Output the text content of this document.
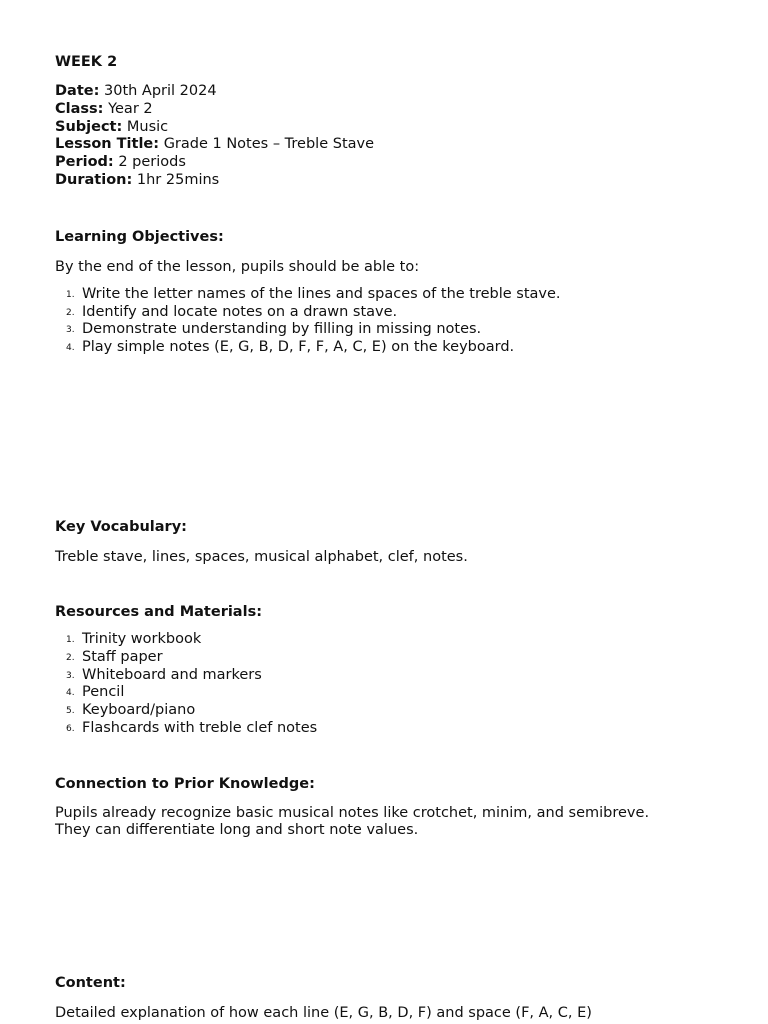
WEEK 2
Date: 30th April 2024
Class: Year 2
Subject: Music
Lesson Title: Grade 1 Notes – Treble Stave
Period: 2 periods
Duration: 1hr 25mins
Learning Objectives:
By the end of the lesson, pupils should be able to:
1. Write the letter names of the lines and spaces of the treble stave.
2. Identify and locate notes on a drawn stave.
3. Demonstrate understanding by filling in missing notes.
4. Play simple notes (E, G, B, D, F, F, A, C, E) on the keyboard.
Key Vocabulary:
Treble stave, lines, spaces, musical alphabet, clef, notes.
Resources and Materials:
1. Trinity workbook
2. Staff paper
3. Whiteboard and markers
4. Pencil
5. Keyboard/piano
6. Flashcards with treble clef notes
Connection to Prior Knowledge:
Pupils already recognize basic musical notes like crotchet, minim, and semibreve.
They can differentiate long and short note values.
Content:
Detailed explanation of how each line (E, G, B, D, F) and space (F, A, C, E)
